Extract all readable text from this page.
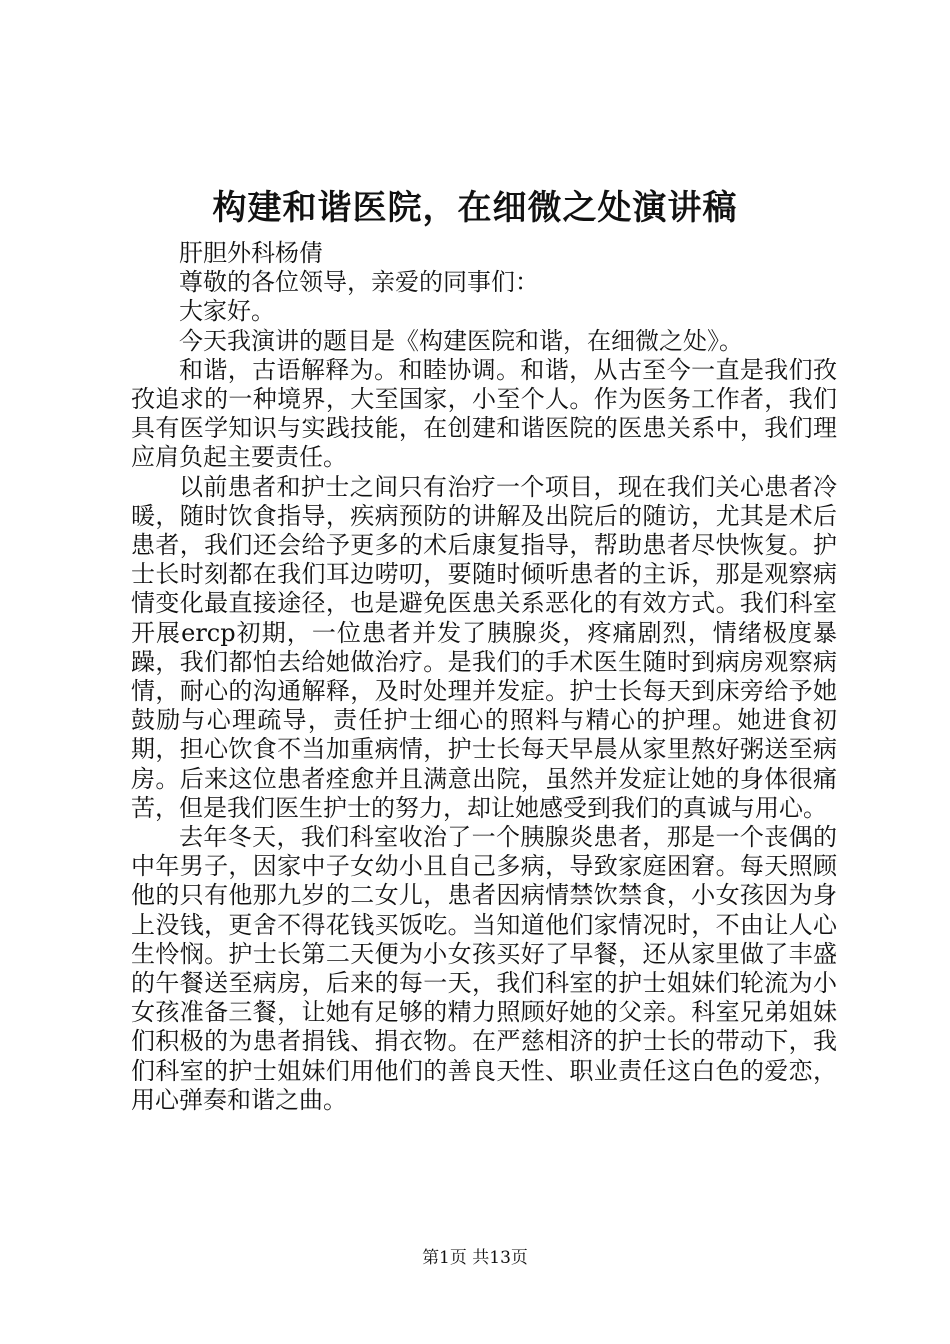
构建和谐医院，在细微之处演讲稿

肝胆外科杨倩

尊敬的各位领导，亲爱的同事们：

大家好。

今天我演讲的题目是《构建医院和谐，在细微之处》。

和谐，古语解释为。和睦协调。和谐，从古至今一直是我们孜孜追求的一种境界，大至国家，小至个人。作为医务工作者，我们具有医学知识与实践技能，在创建和谐医院的医患关系中，我们理应肩负起主要责任。

以前患者和护士之间只有治疗一个项目，现在我们关心患者冷暖，随时饮食指导，疾病预防的讲解及出院后的随访，尤其是术后患者，我们还会给予更多的术后康复指导，帮助患者尽快恢复。护士长时刻都在我们耳边唠叨，要随时倾听患者的主诉，那是观察病情变化最直接途径，也是避免医患关系恶化的有效方式。我们科室开展ercp初期，一位患者并发了胰腺炎，疼痛剧烈，情绪极度暴躁，我们都怕去给她做治疗。是我们的手术医生随时到病房观察病情，耐心的沟通解释，及时处理并发症。护士长每天到床旁给予她鼓励与心理疏导，责任护士细心的照料与精心的护理。她进食初期，担心饮食不当加重病情，护士长每天早晨从家里熬好粥送至病房。后来这位患者痊愈并且满意出院，虽然并发症让她的身体很痛苦，但是我们医生护士的努力，却让她感受到我们的真诚与用心。

去年冬天，我们科室收治了一个胰腺炎患者，那是一个丧偶的中年男子，因家中子女幼小且自己多病，导致家庭困窘。每天照顾他的只有他那九岁的二女儿，患者因病情禁饮禁食，小女孩因为身上没钱，更舍不得花钱买饭吃。当知道他们家情况时，不由让人心生怜悯。护士长第二天便为小女孩买好了早餐，还从家里做了丰盛的午餐送至病房，后来的每一天，我们科室的护士姐妹们轮流为小女孩准备三餐，让她有足够的精力照顾好她的父亲。科室兄弟姐妹们积极的为患者捐钱、捐衣物。在严慈相济的护士长的带动下，我们科室的护士姐妹们用他们的善良天性、职业责任这白色的爱恋，用心弹奏和谐之曲。

第1页 共13页
